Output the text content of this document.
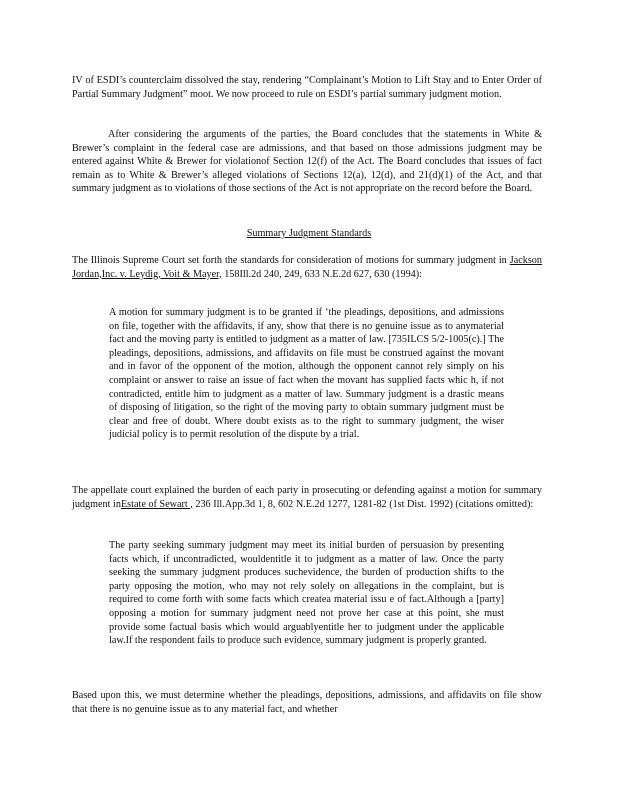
IV of ESDI’s counterclaim dissolved the stay, rendering “Complainant’s Motion to Lift Stay and to Enter Order of Partial Summary Judgment” moot. We now proceed to rule on ESDI’s partial summary judgment motion.

After considering the arguments of the parties, the Board concludes that the statements in White & Brewer’s complaint in the federal case are admissions, and that based on those admissions judgment may be entered against White & Brewer for violationof Section 12(f) of the Act. The Board concludes that issues of fact remain as to White & Brewer’s alleged violations of Sections 12(a), 12(d), and 21(d)(1) of the Act, and that summary judgment as to violations of those sections of the Act is not appropriate on the record before the Board.

Summary Judgment Standards

The Illinois Supreme Court set forth the standards for consideration of motions for summary judgment in Jackson Jordan,Inc. v. Leydig, Voit & Mayer, 158Ill.2d 240, 249, 633 N.E.2d 627, 630 (1994):

A motion for summary judgment is to be granted if ‘the pleadings, depositions, and admissions on file, together with the affidavits, if any, show that there is no genuine issue as to anymaterial fact and the moving party is entitled to judgment as a matter of law. [735ILCS 5/2-1005(c).] The pleadings, depositions, admissions, and affidavits on file must be construed against the movant and in favor of the opponent of the motion, although the opponent cannot rely simply on his complaint or answer to raise an issue of fact when the movant has supplied facts whic h, if not contradicted, entitle him to judgment as a matter of law. Summary judgment is a drastic means of disposing of litigation, so the right of the moving party to obtain summary judgment must be clear and free of doubt. Where doubt exists as to the right to summary judgment, the wiser judicial policy is to permit resolution of the dispute by a trial.

The appellate court explained the burden of each party in prosecuting or defending against a motion for summary judgment inEstate of Sewart , 236 Ill.App.3d 1, 8, 602 N.E.2d 1277, 1281-82 (1st Dist. 1992) (citations omitted):

The party seeking summary judgment may meet its initial burden of persuasion by presenting facts which, if uncontradicted, wouldentitle it to judgment as a matter of law. Once the party seeking the summary judgment produces suchevidence, the burden of production shifts to the party opposing the motion, who may not rely solely on allegations in the complaint, but is required to come forth with some facts which createa material issu e of fact.Although a [party] opposing a motion for summary judgment need not prove her case at this point, she must provide some factual basis which would arguablyentitle her to judgment under the applicable law.If the respondent fails to produce such evidence, summary judgment is properly granted.

Based upon this, we must determine whether the pleadings, depositions, admissions, and affidavits on file show that there is no genuine issue as to any material fact, and whether
